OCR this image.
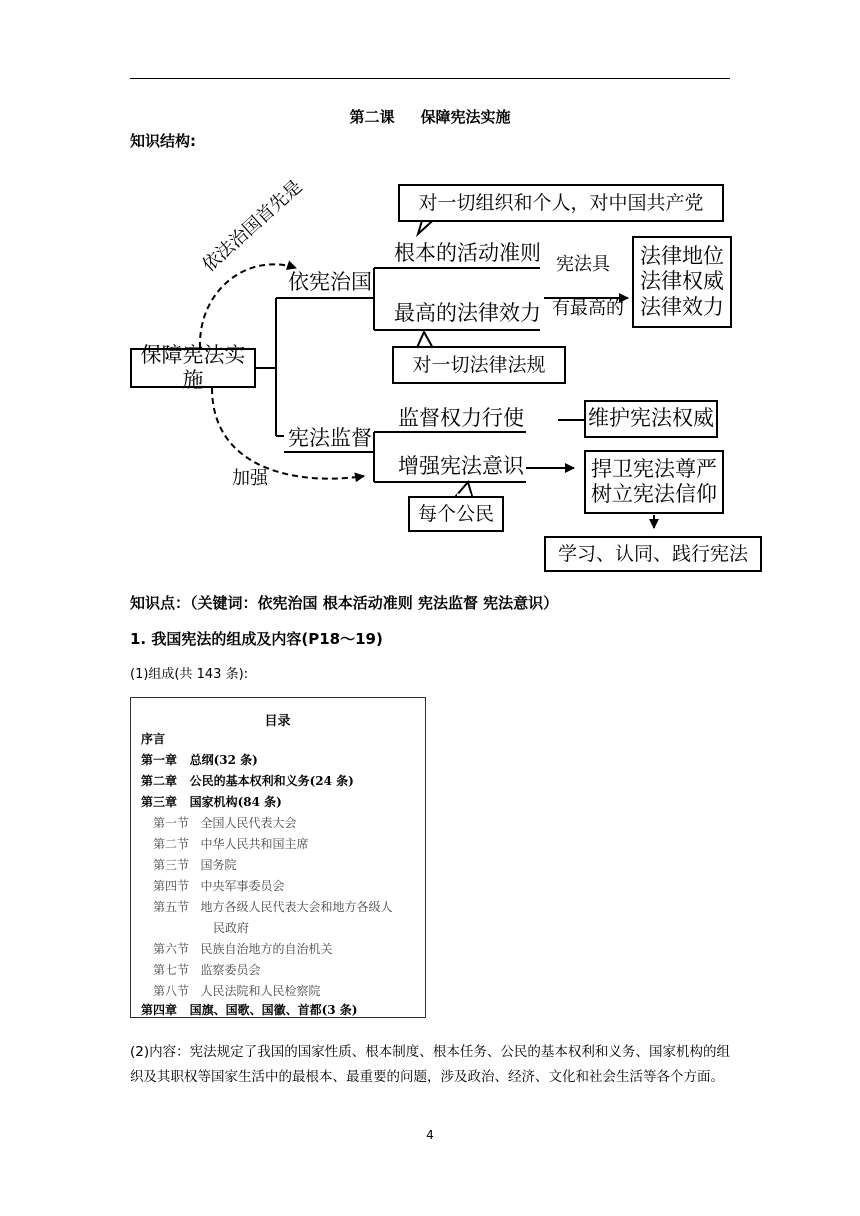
第二课 保障宪法实施
知识结构:
保障宪法实施
依宪治国
宪法监督
依法治国首先是
加强
根本的活动准则
最高的法律效力
对一切组织和个人，对中国共产党
对一切法律法规
宪法具
有最高的
法律地位
法律权威
法律效力
监督权力行使
增强宪法意识
每个公民
维护宪法权威
捍卫宪法尊严
树立宪法信仰
学习、认同、践行宪法
知识点：（关键词：依宪治国 根本活动准则 宪法监督 宪法意识）
1. 我国宪法的组成及内容(P18～19)
(1)组成(共 143 条):
目录
序言
第一章 总纲(32 条)
第二章 公民的基本权利和义务(24 条)
第三章 国家机构(84 条)
第一节 全国人民代表大会
第二节 中华人民共和国主席
第三节 国务院
第四节 中央军事委员会
第五节 地方各级人民代表大会和地方各级人
民政府
第六节 民族自治地方的自治机关
第七节 监察委员会
第八节 人民法院和人民检察院
第四章 国旗、国歌、国徽、首都(3 条)
(2)内容：宪法规定了我国的国家性质、根本制度、根本任务、公民的基本权利和义务、国家机构的组织及其职权等国家生活中的最根本、最重要的问题，涉及政治、经济、文化和社会生活等各个方面。
4
